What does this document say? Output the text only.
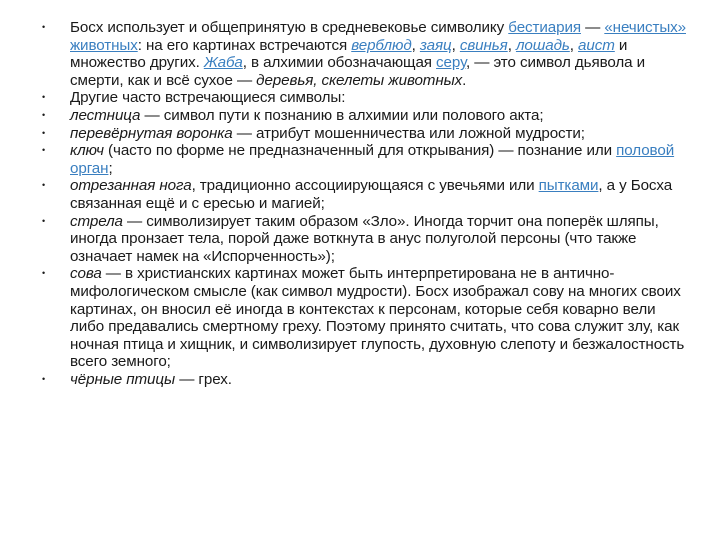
• Босх использует и общепринятую в средневековье символику бестиария — «нечистых» животных: на его картинах встречаются верблюд, заяц, свинья, лошадь, аист и множество других. Жаба, в алхимии обозначающая серу, — это символ дьявола и смерти, как и всё сухое — деревья, скелеты животных.
• Другие часто встречающиеся символы:
• лестница — символ пути к познанию в алхимии или полового акта;
• перевёрнутая воронка — атрибут мошенничества или ложной мудрости;
• ключ (часто по форме не предназначенный для открывания) — познание или половой орган;
• отрезанная нога, традиционно ассоциирующаяся с увечьями или пытками, а у Босха связанная ещё и с ересью и магией;
• стрела — символизирует таким образом «Зло». Иногда торчит она поперёк шляпы, иногда пронзает тела, порой даже воткнута в анус полуголой персоны (что также означает намек на «Испорченность»);
• сова — в христианских картинах может быть интерпретирована не в антично-мифологическом смысле (как символ мудрости). Босх изображал сову на многих своих картинах, он вносил её иногда в контекстах к персонам, которые себя коварно вели либо предавались смертному греху. Поэтому принято считать, что сова служит злу, как ночная птица и хищник, и символизирует глупость, духовную слепоту и безжалостность всего земного;
• чёрные птицы — грех.
